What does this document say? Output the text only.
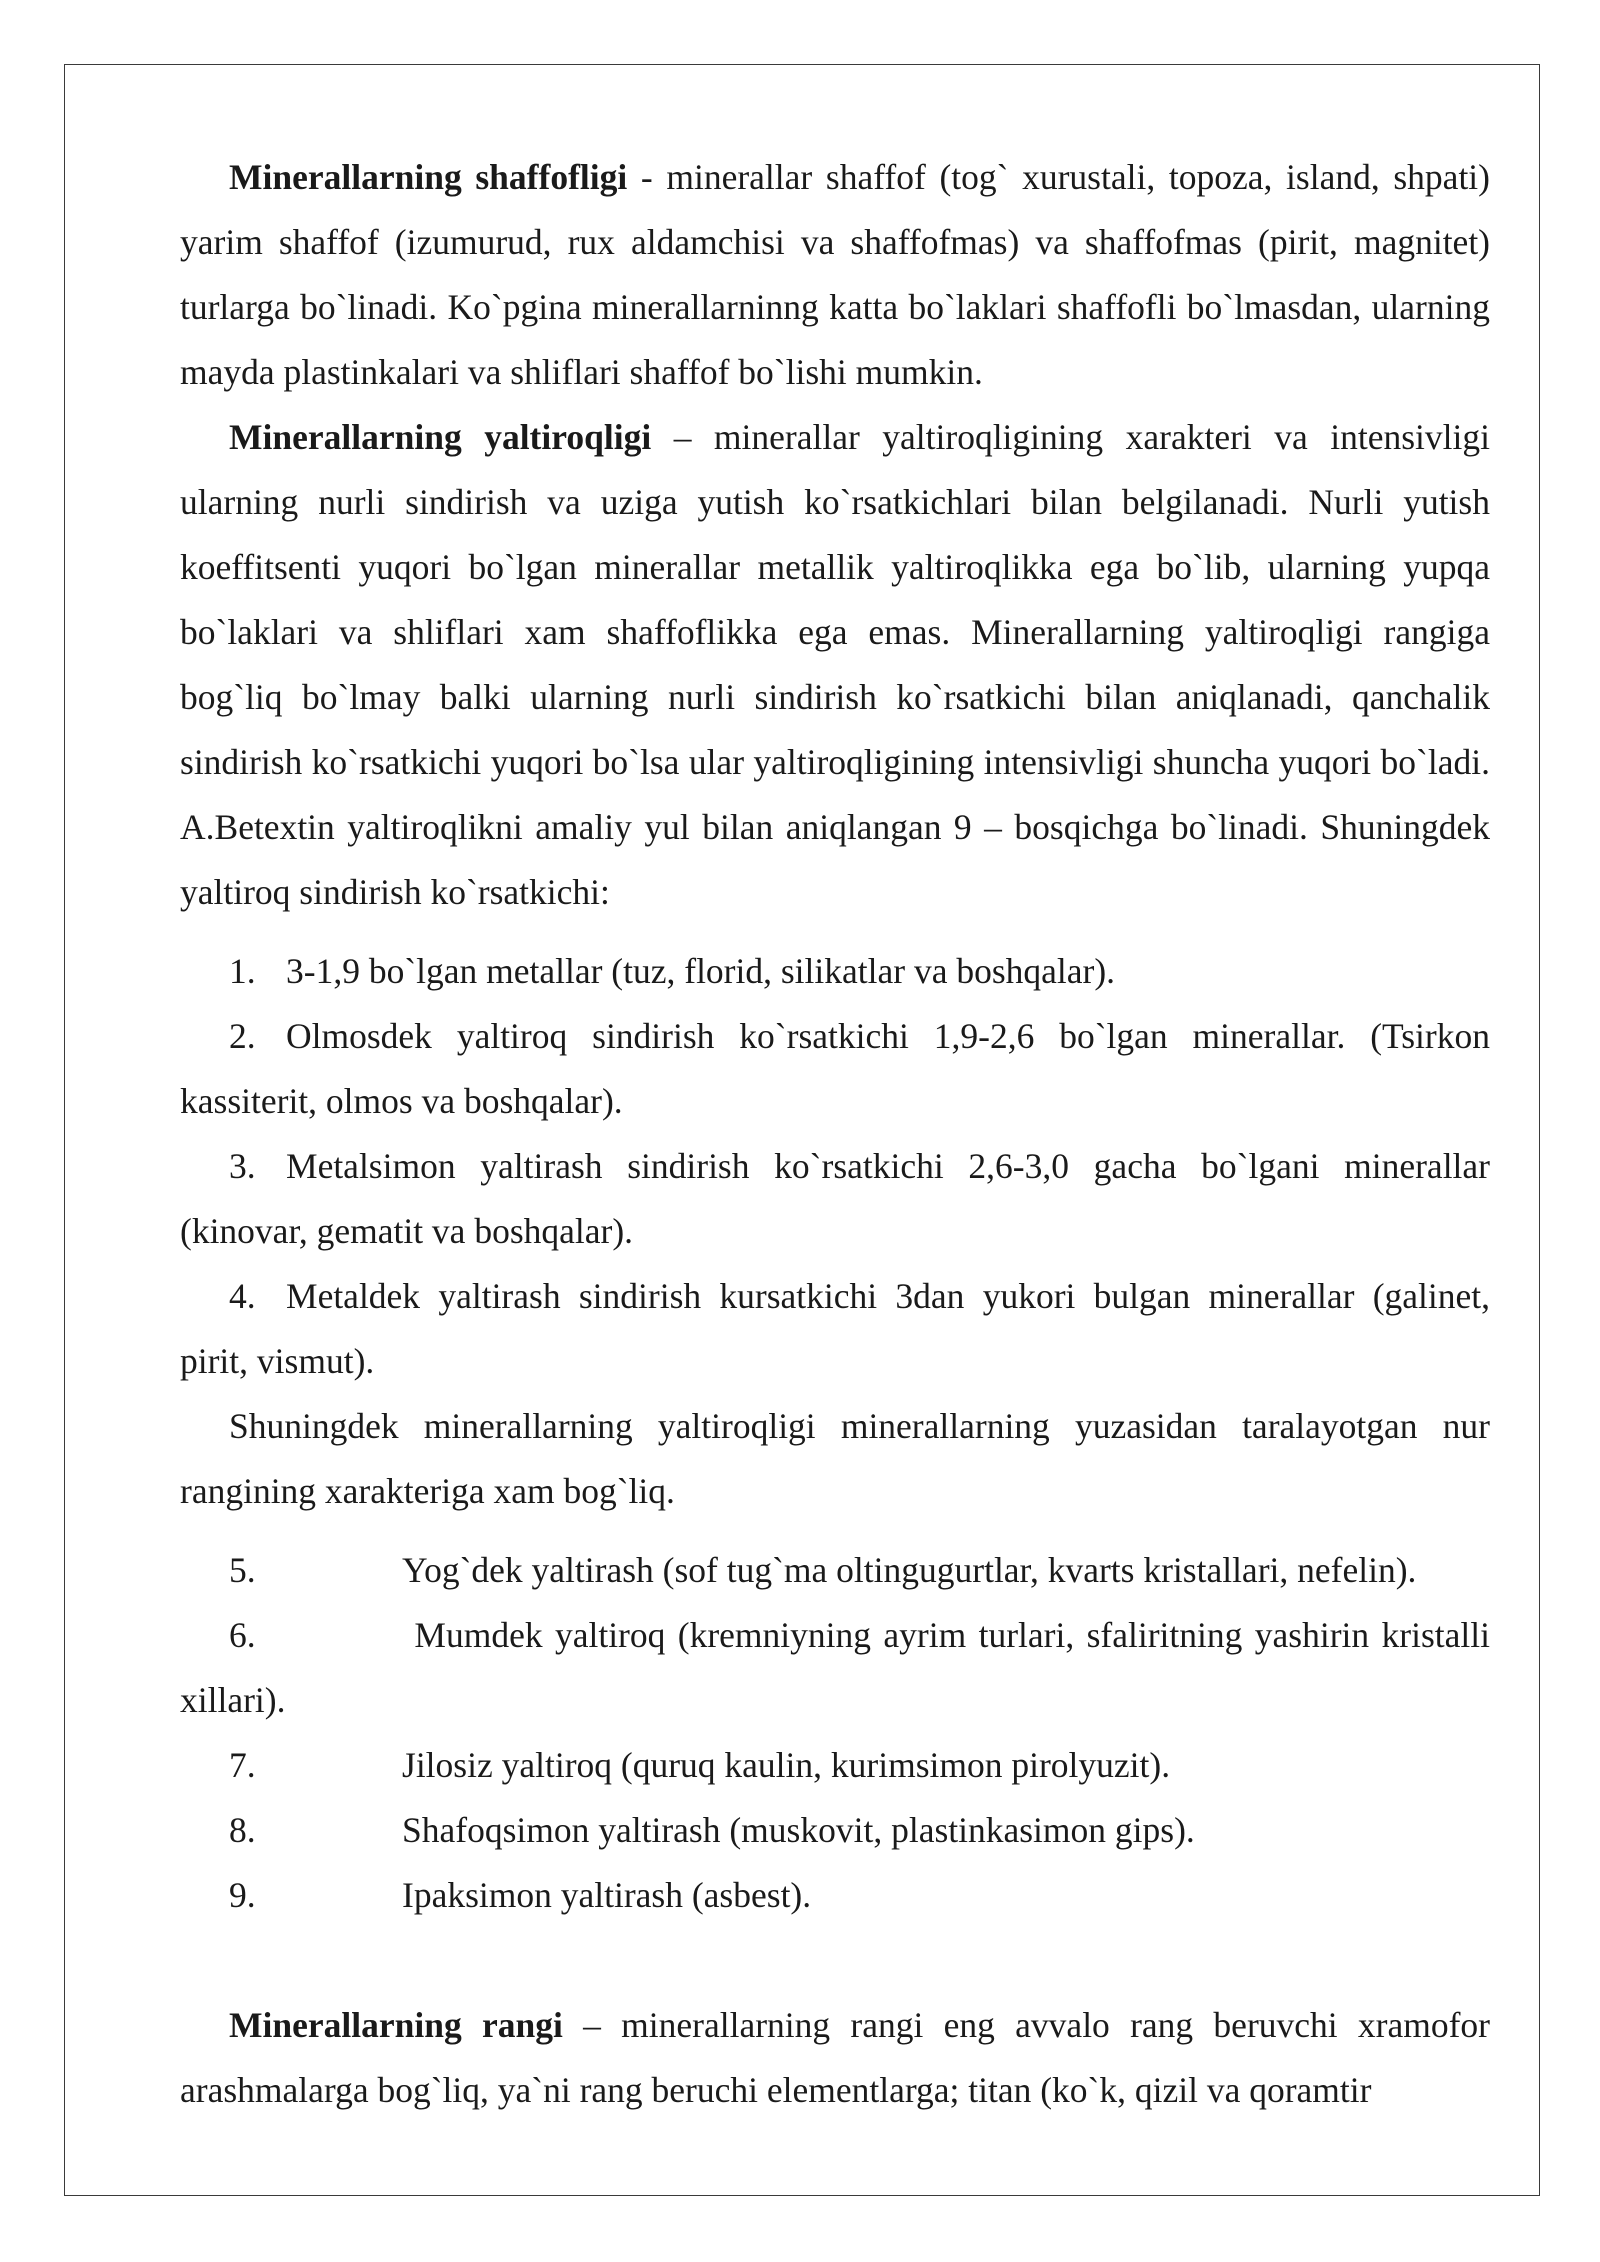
Minerallarning shaffofligi - minerallar shaffof (tog` xurustali, topoza, island, shpati) yarim shaffof (izumurud, rux aldamchisi va shaffofmas) va shaffofmas (pirit, magnitet) turlarga bo`linadi. Ko`pgina minerallarninng katta bo`laklari shaffofli bo`lmasdan, ularning mayda plastinkalari va shliflari shaffof bo`lishi mumkin.

Minerallarning yaltiroqligi – minerallar yaltiroqligining xarakteri va intensivligi ularning nurli sindirish va uziga yutish ko`rsatkichlari bilan belgilanadi. Nurli yutish koeffitsenti yuqori bo`lgan minerallar metallik yaltiroqlikka ega bo`lib, ularning yupqa bo`laklari va shliflari xam shaffoflikka ega emas. Minerallarning yaltiroqligi rangiga bog`liq bo`lmay balki ularning nurli sindirish ko`rsatkichi bilan aniqlanadi, qanchalik sindirish ko`rsatkichi yuqori bo`lsa ular yaltiroqligining intensivligi shuncha yuqori bo`ladi. A.Betextin yaltiroqlikni amaliy yul bilan aniqlangan 9 – bosqichga bo`linadi. Shuningdek yaltiroq sindirish ko`rsatkichi:

1. 3-1,9 bo`lgan metallar (tuz, florid, silikatlar va boshqalar).
2. Olmosdek yaltiroq sindirish ko`rsatkichi 1,9-2,6 bo`lgan minerallar. (Tsirkon kassiterit, olmos va boshqalar).
3. Metalsimon yaltirash sindirish ko`rsatkichi 2,6-3,0 gacha bo`lgani minerallar (kinovar, gematit va boshqalar).
4. Metaldek yaltirash sindirish kursatkichi 3dan yukori bulgan minerallar (galinet, pirit, vismut).

Shuningdek minerallarning yaltiroqligi minerallarning yuzasidan taralayotgan nur rangining xarakteriga xam bog`liq.

5.	Yog`dek yaltirash (sof tug`ma oltingugurtlar, kvarts kristallari, nefelin).
6.	Mumdek yaltiroq (kremniyning ayrim turlari, sfaliritning yashirin kristalli xillari).
7.	Jilosiz yaltiroq (quruq kaulin, kurimsimon pirolyuzit).
8.	Shafoqsimon yaltirash (muskovit, plastinkasimon gips).
9.	Ipaksimon yaltirash (asbest).

Minerallarning rangi – minerallarning rangi eng avvalo rang beruvchi xramofor arashmalarga bog`liq, ya`ni rang beruchi elementlarga; titan (ko`k, qizil va qoramtir
